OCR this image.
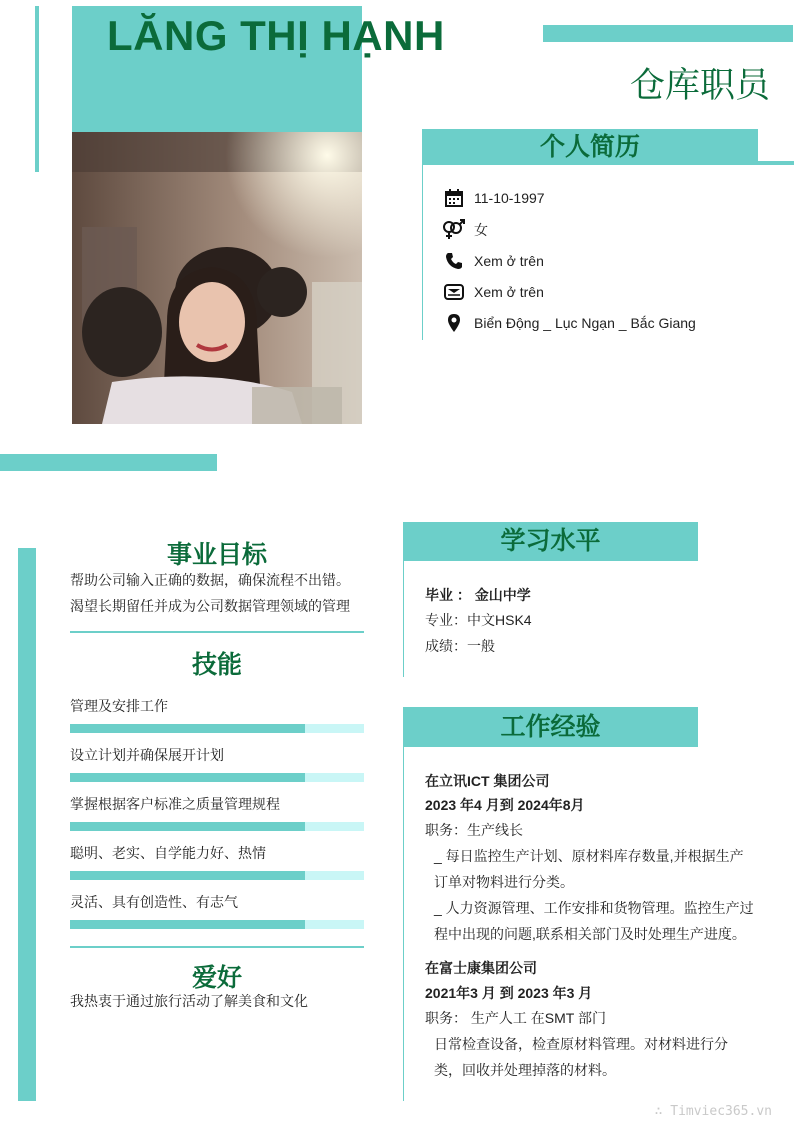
LĂNG THỊ HẠNH
仓库职员
个人简历
11-10-1997
女
Xem ở trên
Xem ở trên
Biển Động _ Lục Ngạn _ Bắc Giang
事业目标
帮助公司输入正确的数据，确保流程不出错。
渴望长期留任并成为公司数据管理领域的管理
技能
管理及安排工作
设立计划并确保展开计划
掌握根据客户标准之质量管理规程
聪明、老实、自学能力好、热情
灵活、具有创造性、有志气
爱好
我热衷于通过旅行活动了解美食和文化
学习水平
毕业 ： 金山中学
专业：中文HSK4
成绩：一般
工作经验
在立讯ICT 集团公司
2023 年4 月到 2024年8月
职务：生产线长
_ 每日监控生产计划、原材料库存数量,并根据生产
订单对物料进行分类。
_ 人力资源管理、工作安排和货物管理。监控生产过
程中出现的问题,联系相关部门及时处理生产进度。
在富士康集团公司
2021年3 月 到 2023 年3 月
职务： 生产人工 在SMT 部门
日常检查设备，检查原材料管理。对材料进行分
类，回收并处理掉落的材料。
∴ Timviec365.vn
